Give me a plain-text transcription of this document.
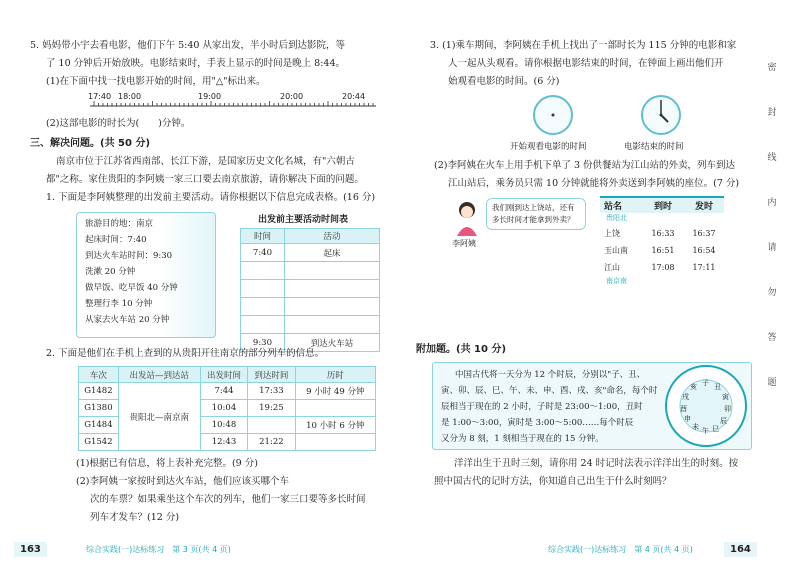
5. 妈妈带小宇去看电影，他们下午 5:40 从家出发，半小时后到达影院，等
了 10 分钟后开始放映。电影结束时，手表上显示的时间是晚上 8:44。
(1)在下面中找一找电影开始的时间，用"△"标出来。
17:40 18:00	19:00	20:00	20:44
(2)这部电影的时长为(　　)分钟。
三、解决问题。(共 50 分)
南京市位于江苏省西南部、长江下游，是国家历史文化名城，有"六朝古
都"之称。家住贵阳的李阿姨一家三口要去南京旅游，请你解决下面的问题。
1. 下面是李阿姨整理的出发前主要活动。请你根据以下信息完成表格。(16 分)
旅游目的地：南京
起床时间：7:40
到达火车站时间：9:30
洗漱 20 分钟
做早饭、吃早饭 40 分钟
整理行李 10 分钟
从家去火车站 20 分钟
出发前主要活动时间表
时间	活动
7:40	起床

9:30	到达火车站
2. 下面是他们在手机上查到的从贵阳开往南京的部分列车的信息。
车次	出发站—到达站	出发时间	到达时间	历时
G1482	贵阳北—南京南	7:44	17:33	9 小时 49 分钟
G1380		10:04	19:25	
G1484		10:48		10 小时 6 分钟
G1542		12:43	21:22	
(1)根据已有信息，将上表补充完整。(9 分)
(2)李阿姨一家按时到达火车站，他们应该买哪个车
次的车票？如果乘坐这个车次的列车，他们一家三口要等多长时间
列车才发车？(12 分)
3. (1)乘车期间，李阿姨在手机上找出了一部时长为 115 分钟的电影和家
人一起从头观看。请你根据电影结束的时间，在钟面上画出他们开
始观看电影的时间。(6 分)
开始观看电影的时间	电影结束的时间
(2)李阿姨在火车上用手机下单了 3 份供餐站为江山站的外卖，列车到达
江山站后，乘务员只需 10 分钟就能将外卖送到李阿姨的座位。(7 分)
李阿姨
我们刚到达上饶站，还有多长时间才能拿到外卖？
站名	到时	发时
贵阳北
上饶	16:33	16:37
玉山南	16:51	16:54
江山	17:08	17:11
南京南
附加题。(共 10 分)
中国古代将一天分为 12 个时辰，分别以"子、丑、
寅、卯、辰、巳、午、未、申、酉、戌、亥"命名，每个时
辰相当于现在的 2 小时，子时是 23:00～1:00，丑时
是 1:00～3:00，寅时是 3:00～5:00……每个时辰
又分为 8 刻，1 刻相当于现在的 15 分钟。
子 丑
寅
卯
辰
巳
午
未
申
酉
戌
亥
洋洋出生于丑时三刻，请你用 24 时记时法表示洋洋出生的时刻。按
照中国古代的记时方法，你知道自己出生于什么时刻吗？
密
封
线
内
请
勿
答
题
163	综合实践(一)达标练习　第 3 页(共 4 页)	综合实践(一)达标练习　第 4 页(共 4 页)	164
